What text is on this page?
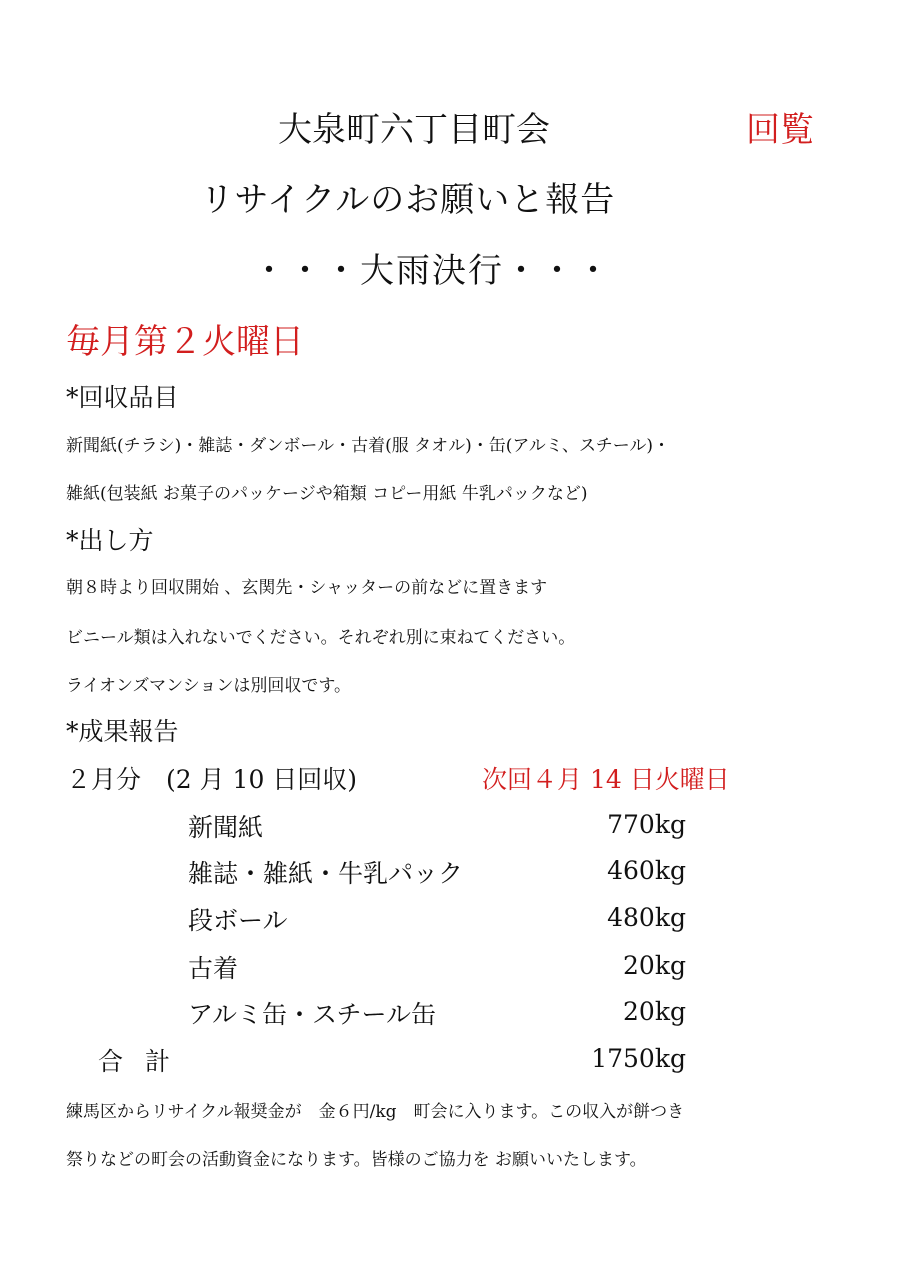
大泉町六丁目町会	回覧
リサイクルのお願いと報告
・・・大雨決行・・・
毎月第２火曜日
*回収品目
新聞紙(チラシ)・雑誌・ダンボール・古着(服 タオル)・缶(アルミ、スチール)・
雑紙(包装紙 お菓子のパッケージや箱類 コピー用紙 牛乳パックなど)
*出し方
朝８時より回収開始 、玄関先・シャッターの前などに置きます
ビニール類は入れないでください。それぞれ別に束ねてください。
ライオンズマンションは別回収です。
*成果報告
２月分　(2 月 10 日回収)	次回４月 14 日火曜日
新聞紙	770kg
雑誌・雑紙・牛乳パック	460kg
段ボール	480kg
古着	20kg
アルミ缶・スチール缶	20kg
合計	1750kg
練馬区からリサイクル報奨金が　金６円/kg　町会に入ります。この収入が餅つき
祭りなどの町会の活動資金になります。皆様のご協力を お願いいたします。
